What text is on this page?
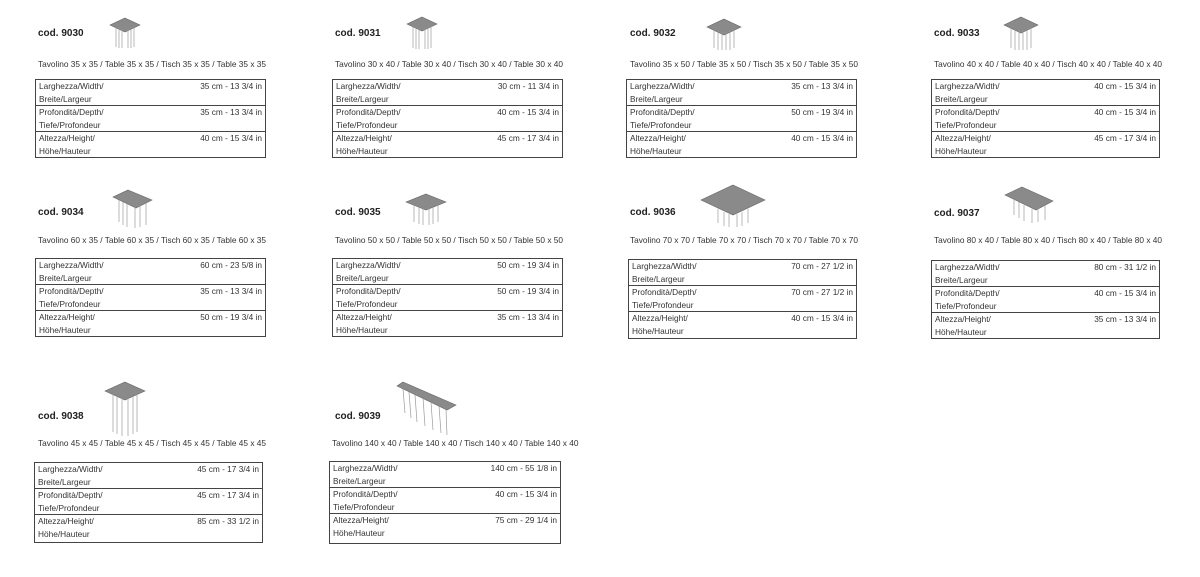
cod. 9030
Tavolino 35 x 35 / Table 35 x 35 / Tisch 35 x 35 / Table 35 x 35
Larghezza/Width/
Breite/Largeur
35 cm - 13 3/4 in
Profondità/Depth/
Tiefe/Profondeur
35 cm - 13 3/4 in
Altezza/Height/
Höhe/Hauteur
40 cm - 15 3/4 in
cod. 9031
Tavolino 30 x 40 / Table 30 x 40 / Tisch 30 x 40 / Table 30 x 40
Larghezza/Width/
Breite/Largeur
30 cm - 11 3/4 in
Profondità/Depth/
Tiefe/Profondeur
40 cm - 15 3/4 in
Altezza/Height/
Höhe/Hauteur
45 cm - 17 3/4 in
cod. 9032
Tavolino 35 x 50 / Table 35 x 50 / Tisch 35 x 50 / Table 35 x 50
Larghezza/Width/
Breite/Largeur
35 cm - 13 3/4 in
Profondità/Depth/
Tiefe/Profondeur
50 cm - 19 3/4 in
Altezza/Height/
Höhe/Hauteur
40 cm - 15 3/4 in
cod. 9033
Tavolino 40 x 40 / Table 40 x 40 / Tisch 40 x 40 / Table 40 x 40
Larghezza/Width/
Breite/Largeur
40 cm - 15 3/4 in
Profondità/Depth/
Tiefe/Profondeur
40 cm - 15 3/4 in
Altezza/Height/
Höhe/Hauteur
45 cm - 17 3/4 in
cod. 9034
Tavolino 60 x 35 / Table 60 x 35 / Tisch 60 x 35 / Table 60 x 35
Larghezza/Width/
Breite/Largeur
60 cm - 23 5/8 in
Profondità/Depth/
Tiefe/Profondeur
35 cm - 13 3/4 in
Altezza/Height/
Höhe/Hauteur
50 cm - 19 3/4 in
cod. 9035
Tavolino 50 x 50 / Table 50 x 50 / Tisch 50 x 50 / Table 50 x 50
Larghezza/Width/
Breite/Largeur
50 cm - 19 3/4 in
Profondità/Depth/
Tiefe/Profondeur
50 cm - 19 3/4 in
Altezza/Height/
Höhe/Hauteur
35 cm - 13 3/4 in
cod. 9036
Tavolino 70 x 70 / Table 70 x 70 / Tisch 70 x 70 / Table 70 x 70
Larghezza/Width/
Breite/Largeur
70 cm - 27 1/2 in
Profondità/Depth/
Tiefe/Profondeur
70 cm - 27 1/2 in
Altezza/Height/
Höhe/Hauteur
40 cm - 15 3/4 in
cod. 9037
Tavolino 80 x 40 / Table 80 x 40 / Tisch 80 x 40 / Table 80 x 40
Larghezza/Width/
Breite/Largeur
80 cm - 31 1/2 in
Profondità/Depth/
Tiefe/Profondeur
40 cm - 15 3/4 in
Altezza/Height/
Höhe/Hauteur
35 cm - 13 3/4 in
cod. 9038
Tavolino 45 x 45 / Table 45 x 45 / Tisch 45 x 45 / Table 45 x 45
Larghezza/Width/
Breite/Largeur
45 cm - 17 3/4 in
Profondità/Depth/
Tiefe/Profondeur
45 cm - 17 3/4 in
Altezza/Height/
Höhe/Hauteur
85 cm - 33 1/2 in
cod. 9039
Tavolino 140 x 40 / Table 140 x 40 / Tisch 140 x 40 / Table 140 x 40
Larghezza/Width/
Breite/Largeur
140 cm - 55 1/8 in
Profondità/Depth/
Tiefe/Profondeur
40 cm - 15 3/4 in
Altezza/Height/
Höhe/Hauteur
75 cm - 29 1/4 in
